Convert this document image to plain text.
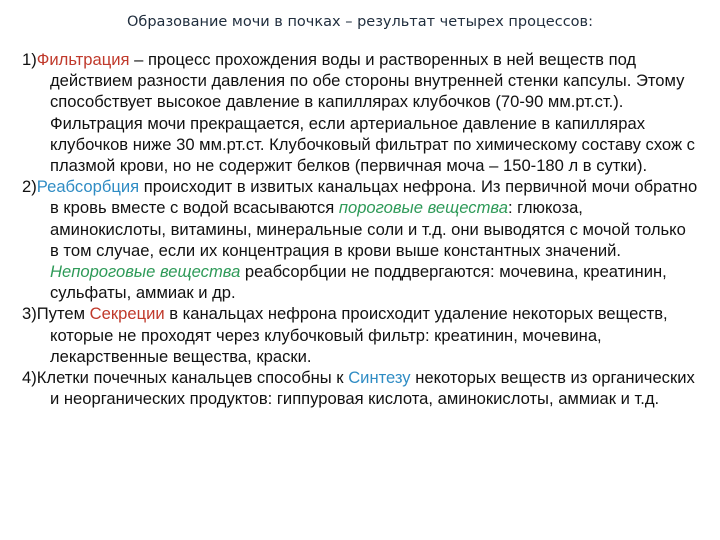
Образование мочи в почках – результат четырех процессов:

1)Фильтрация – процесс прохождения воды и растворенных в ней веществ под действием разности давления по обе стороны внутренней стенки капсулы. Этому способствует высокое давление в капиллярах клубочков (70-90 мм.рт.ст.). Фильтрация мочи прекращается, если артериальное давление в капиллярах клубочков ниже 30 мм.рт.ст. Клубочковый фильтрат по химическому составу схож с плазмой крови, но не содержит белков (первичная моча – 150-180 л в сутки).

2)Реабсорбция происходит в извитых канальцах нефрона. Из первичной мочи обратно в кровь вместе с водой всасываются пороговые вещества: глюкоза, аминокислоты, витамины, минеральные соли и т.д. они выводятся с мочой только в том случае, если их концентрация в крови выше константных значений. Непороговые вещества реабсорбции не поддвергаются: мочевина, креатинин, сульфаты, аммиак и др.

3)Путем Секреции в канальцах нефрона происходит удаление некоторых веществ, которые не проходят через клубочковый фильтр: креатинин, мочевина, лекарственные вещества, краски.

4)Клетки почечных канальцев способны к Синтезу некоторых веществ из органических и неорганических продуктов: гиппуровая кислота, аминокислоты, аммиак и т.д.
